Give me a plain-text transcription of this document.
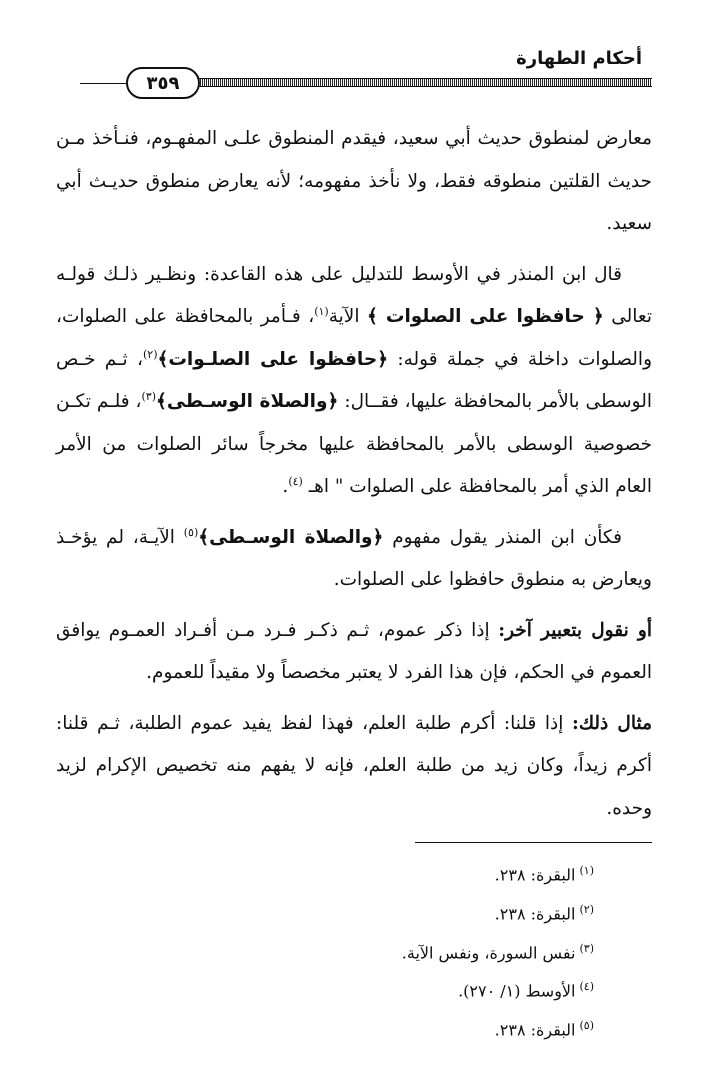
أحكام الطهارة
٣٥٩

معارض لمنطوق حديث أبي سعيد، فيقدم المنطوق علـى المفهـوم، فنـأخذ مـن حديث القلتين منطوقه فقط، ولا نأخذ مفهومه؛ لأنه يعارض منطوق حديـث أبي سعيد.

قال ابن المنذر في الأوسط للتدليل على هذه القاعدة: ونظـير ذلـك قولـه تعالى ﴿ حافظوا على الصلوات ﴾ الآية$^{(١)}$، فـأمر بالمحافظة على الصلوات، والصلوات داخلة في جملة قوله: ﴿حافظوا على الصلـوات﴾$^{(٢)}$، ثـم خـص الوسطى بالأمر بالمحافظة عليها، فقــال: ﴿والصلاة الوسـطى﴾$^{(٣)}$، فلـم تكـن خصوصية الوسطى بالأمر بالمحافظة عليها مخرجاً سائر الصلوات من الأمر العام الذي أمر بالمحافظة على الصلوات " اهـ $^{(٤)}$.

فكأن ابن المنذر يقول مفهوم ﴿والصلاة الوسـطى﴾$^{(٥)}$ الآيـة، لم يؤخـذ ويعارض به منطوق حافظوا على الصلوات.

أو نقول بتعبير آخر: إذا ذكر عموم، ثـم ذكـر فـرد مـن أفـراد العمـوم يوافق العموم في الحكم، فإن هذا الفرد لا يعتبر مخصصاً ولا مقيداً للعموم.

مثال ذلك: إذا قلنا: أكرم طلبة العلم، فهذا لفظ يفيد عموم الطلبة، ثـم قلنا: أكرم زيداً، وكان زيد من طلبة العلم، فإنه لا يفهم منه تخصيص الإكرام لزيد وحده.

$^{(١)}$البقرة: ٢٣٨.
$^{(٢)}$البقرة: ٢٣٨.
$^{(٣)}$نفس السورة، ونفس الآية.
$^{(٤)}$الأوسط (١/ ٢٧٠).
$^{(٥)}$البقرة: ٢٣٨.
